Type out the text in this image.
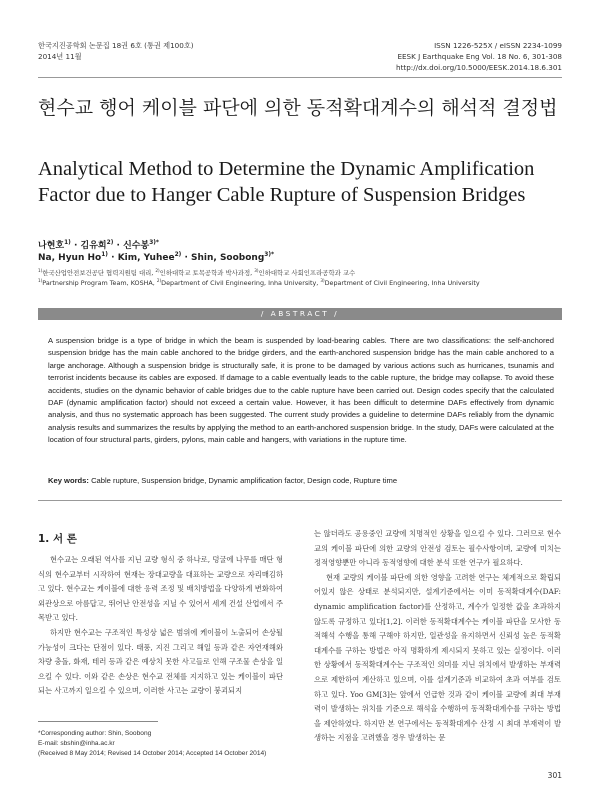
한국지진공학회 논문집 18권 6호 (통권 제100호)
2014년 11월
ISSN 1226-525X / eISSN 2234-1099
EESK J Earthquake Eng Vol. 18 No. 6, 301-308
http://dx.doi.org/10.5000/EESK.2014.18.6.301
현수교 행어 케이블 파단에 의한 동적확대계수의 해석적 결정법
Analytical Method to Determine the Dynamic Amplification Factor due to Hanger Cable Rupture of Suspension Bridges
나현호$^{1)}$ · 김유희$^{2)}$ · 신수봉$^{3)*}$
Na, Hyun $Ho^{1)}$ · Kim, Yuhee$^{2)}$ · Shin, Soobong$^{3)*}$
$^{1)}$한국산업안전보건공단 협력지원팀 대리, $^{2)}$인하대학교 토목공학과 박사과정, $^{3)}$인하대학교 사회인프라공학과 교수
$^{1)}$Partnership Program Team, KOSHA, $^{2)}$Department of Civil Engineering, Inha University, $^{3)}$Department of Civil Engineering, Inha University
/ ABSTRACT /
A suspension bridge is a type of bridge in which the beam is suspended by load-bearing cables. There are two classifications: the self-anchored suspension bridge has the main cable anchored to the bridge girders, and the earth-anchored suspension bridge has the main cable anchored to a large anchorage. Although a suspension bridge is structurally safe, it is prone to be damaged by various actions such as hurricanes, tsunamis and terrorist incidents because its cables are exposed. If damage to a cable eventually leads to the cable rupture, the bridge may collapse. To avoid these accidents, studies on the dynamic behavior of cable bridges due to the cable rupture have been carried out. Design codes specify that the calculated DAF (dynamic amplification factor) should not exceed a certain value. However, it has been difficult to determine DAFs effectively from dynamic analysis, and thus no systematic approach has been suggested. The current study provides a guideline to determine DAFs reliably from the dynamic analysis results and summarizes the results by applying the method to an earth-anchored suspension bridge. In the study, DAFs were calculated at the location of four structural parts, girders, pylons, main cable and hangers, with variations in the rupture time.
Key words: Cable rupture, Suspension bridge, Dynamic amplification factor, Design code, Rupture time
1. 서 론

현수교는 오래된 역사를 지닌 교량 형식 중 하나로, 덩굴에 나무를 매단 형식의 현수교부터 시작하여 현재는 장대교량을 대표하는 교량으로 자리매김하고 있다. 현수교는 케이블에 대한 응력 조정 및 배치방법을 다양하게 변화하여 외관상으로 아름답고, 뛰어난 안전성을 지닐 수 있어서 세계 건설 산업에서 주목받고 있다.

하지만 현수교는 구조적인 특성상 넓은 범위에 케이블이 노출되어 손상될 가능성이 크다는 단점이 있다. 태풍, 지진 그리고 해일 등과 같은 자연재해와 차량 충돌, 화재, 테러 등과 같은 예상치 못한 사고들로 인해 구조물 손상을 일으킬 수 있다. 이와 같은 손상은 현수교 전체를 지지하고 있는 케이블이 파단되는 사고까지 일으킬 수 있으며, 이러한 사고는 교량이 붕괴되지

는 않더라도 공용중인 교량에 치명적인 상황을 일으킬 수 있다. 그러므로 현수교의 케이블 파단에 의한 교량의 안전성 검토는 필수사항이며, 교량에 미치는 정적영향뿐만 아니라 동적영향에 대한 분석 또한 연구가 필요하다.

현재 교량의 케이블 파단에 의한 영향을 고려한 연구는 체계적으로 확립되어있지 않은 상태로 분석되지만, 설계기준에서는 이미 동적확대계수(DAF: dynamic amplification factor)를 산정하고, 계수가 일정한 값을 초과하지 않도록 규정하고 있다[1,2]. 이러한 동적확대계수는 케이블 파단을 모사한 동적해석 수행을 통해 구해야 하지만, 일관성을 유지하면서 신뢰성 높은 동적확대계수를 구하는 방법은 아직 명확하게 제시되지 못하고 있는 실정이다. 이러한 상황에서 동적확대계수는 구조적인 의미를 지닌 위치에서 발생하는 부재력으로 제한하여 계산하고 있으며, 이를 설계기준과 비교하여 초과 여부를 검토하고 있다. Yoo GM[3]는 앞에서 언급한 것과 같이 케이블 교량에 최대 부재력이 발생하는 위치를 기준으로 해석을 수행하여 동적확대계수를 구하는 방법을 제안하였다. 하지만 본 연구에서는 동적확대계수 산정 시 최대 부재력이 발생하는 지점을 고려했을 경우 발생하는 문

*Corresponding author: Shin, Soobong
E-mail: sbshin@inha.ac.kr
(Received 8 May 2014; Revised 14 October 2014; Accepted 14 October 2014)
301
